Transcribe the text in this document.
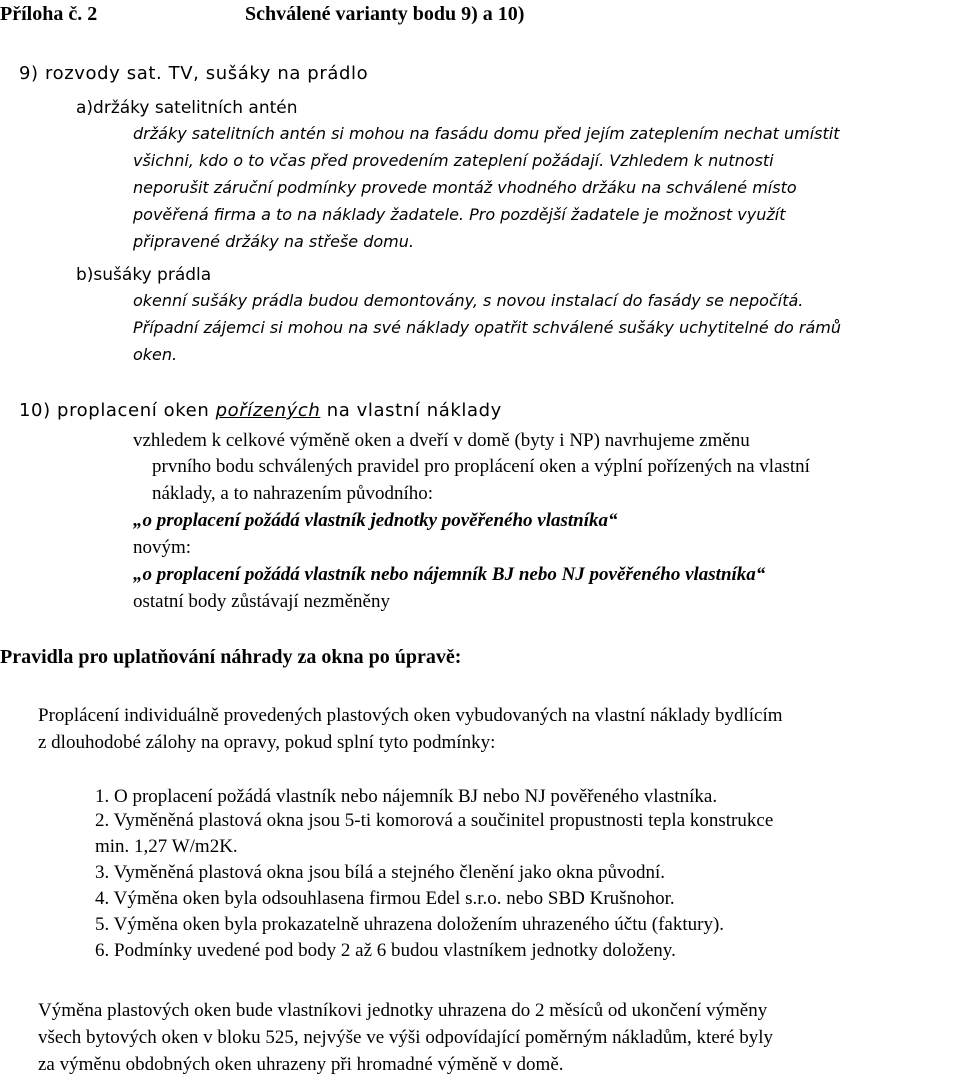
Příloha č. 2	Schválené varianty bodu 9) a 10)
9) rozvody sat. TV, sušáky na prádlo
a)držáky satelitních antén
držáky satelitních antén si mohou na fasádu domu před jejím zateplením nechat umístit
všichni, kdo o to včas před provedením zateplení požádají. Vzhledem k nutnosti
neporušit záruční podmínky provede montáž vhodného držáku na schválené místo
pověřená firma a to na náklady žadatele. Pro pozdější žadatele je možnost využít
připravené držáky na střeše domu.
b)sušáky prádla
okenní sušáky prádla budou demontovány, s novou instalací do fasády se nepočítá.
Případní zájemci si mohou na své náklady opatřit schválené sušáky uchytitelné do rámů
oken.
10) proplacení oken pořízených na vlastní náklady
vzhledem k celkové výměně oken a dveří v domě (byty i NP) navrhujeme změnu
prvního bodu schválených pravidel pro proplácení oken a výplní pořízených na vlastní
náklady, a to nahrazením původního:
„o proplacení požádá vlastník jednotky pověřeného vlastníka“
novým:
„o proplacení požádá vlastník nebo nájemník BJ nebo NJ pověřeného vlastníka“
ostatní body zůstávají nezměněny
Pravidla pro uplatňování náhrady za okna po úpravě:
Proplácení individuálně provedených plastových oken vybudovaných na vlastní náklady bydlícím
z dlouhodobé zálohy na opravy, pokud splní tyto podmínky:
1. O proplacení požádá vlastník nebo nájemník BJ nebo NJ pověřeného vlastníka.
2. Vyměněná plastová okna jsou 5-ti komorová a součinitel propustnosti tepla konstrukce
min. 1,27 W/m2K.
3. Vyměněná plastová okna jsou bílá a stejného členění jako okna původní.
4. Výměna oken byla odsouhlasena firmou Edel s.r.o. nebo SBD Krušnohor.
5. Výměna oken byla prokazatelně uhrazena doložením uhrazeného účtu (faktury).
6. Podmínky uvedené pod body 2 až 6 budou vlastníkem jednotky doloženy.
Výměna plastových oken bude vlastníkovi jednotky uhrazena do 2 měsíců od ukončení výměny
všech bytových oken v bloku 525, nejvýše ve výši odpovídající poměrným nákladům, které byly
za výměnu obdobných oken uhrazeny při hromadné výměně v domě.
